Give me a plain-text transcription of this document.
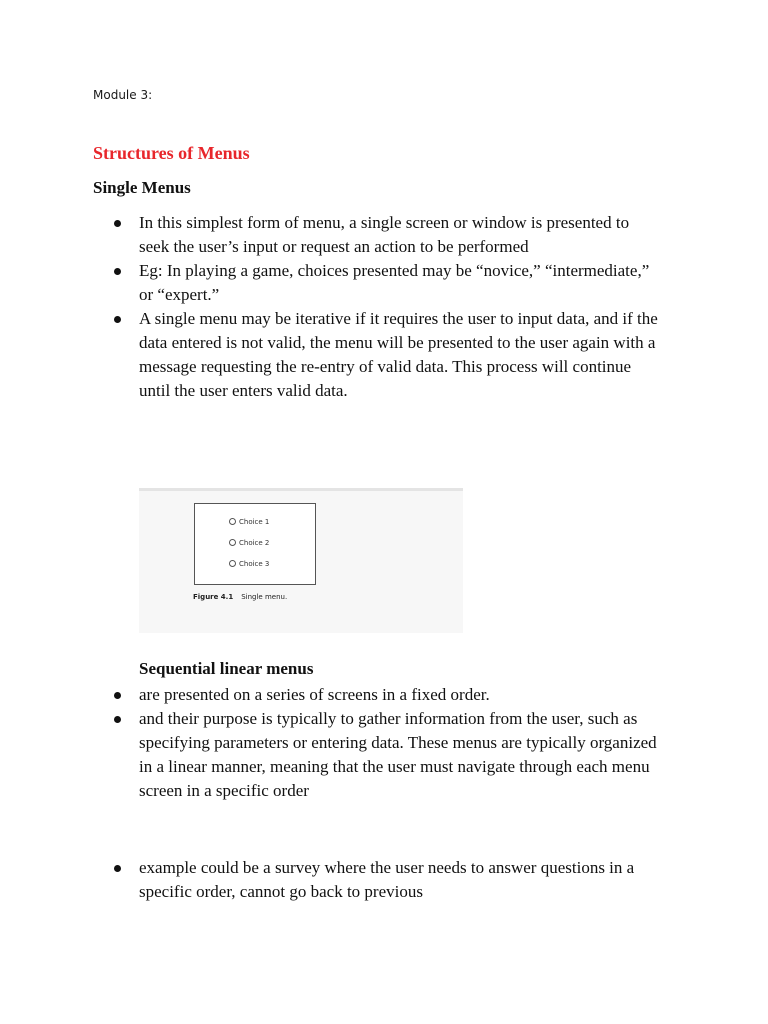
Module 3:
Structures of Menus
Single Menus
In this simplest form of menu, a single screen or window is presented to seek the user’s input or request an action to be performed
Eg: In playing a game, choices presented may be “novice,” “intermediate,” or “expert.”
A single menu may be iterative if it requires the user to input data, and if the data entered is not valid, the menu will be presented to the user again with a message requesting the re-entry of valid data. This process will continue until the user enters valid data.
Choice 1
Choice 2
Choice 3
Figure 4.1 Single menu.
Sequential linear menus
are presented on a series of screens in a fixed order.
and their purpose is typically to gather information from the user, such as specifying parameters or entering data. These menus are typically organized in a linear manner, meaning that the user must navigate through each menu screen in a specific order
example could be a survey where the user needs to answer questions in a specific order, cannot go back to previous
